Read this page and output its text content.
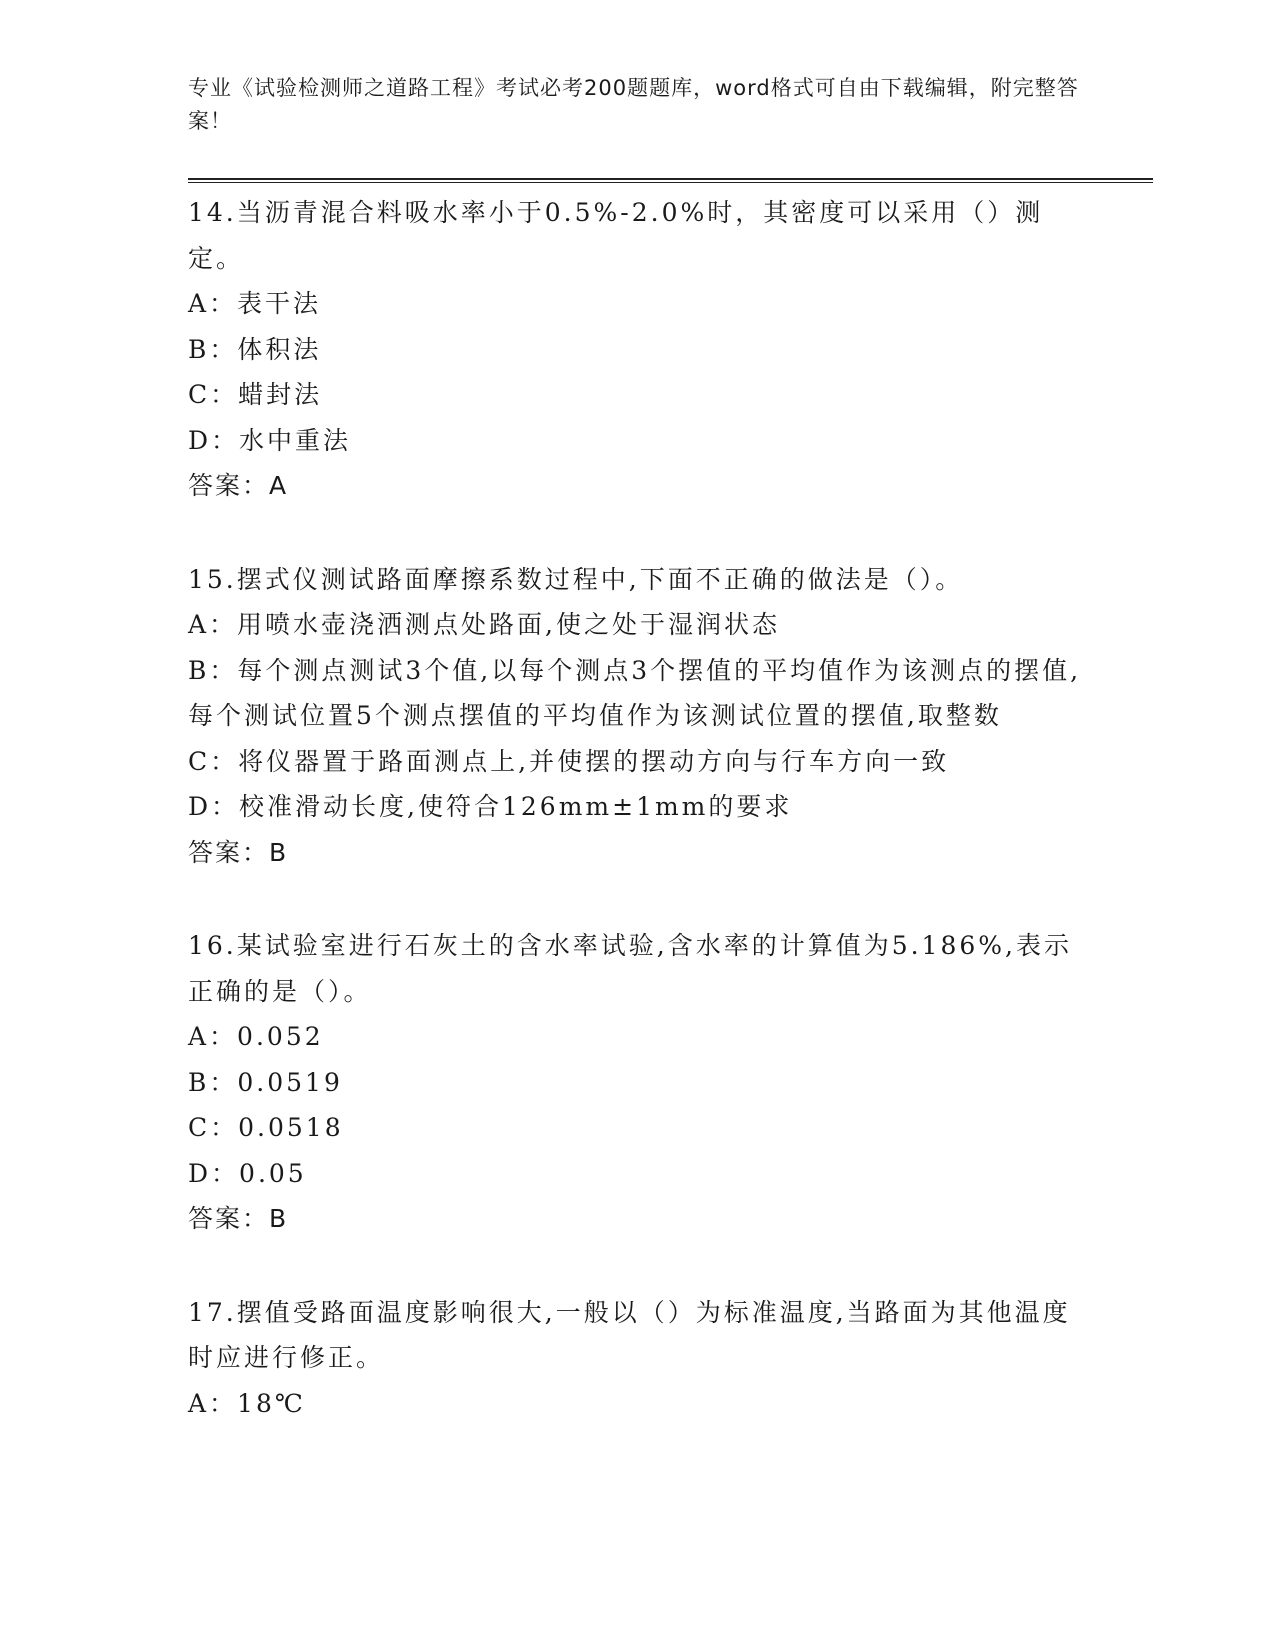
专业《试验检测师之道路工程》考试必考200题题库，word格式可自由下载编辑，附完整答案！
14.当沥青混合料吸水率小于0.5%-2.0%时，其密度可以采用（）测定。
A：表干法
B：体积法
C：蜡封法
D：水中重法
答案：A
15.摆式仪测试路面摩擦系数过程中,下面不正确的做法是（）。
A：用喷水壶浇洒测点处路面,使之处于湿润状态
B：每个测点测试3个值,以每个测点3个摆值的平均值作为该测点的摆值,每个测试位置5个测点摆值的平均值作为该测试位置的摆值,取整数
C：将仪器置于路面测点上,并使摆的摆动方向与行车方向一致
D：校准滑动长度,使符合126mm±1mm的要求
答案：B
16.某试验室进行石灰土的含水率试验,含水率的计算值为5.186%,表示正确的是（）。
A：0.052
B：0.0519
C：0.0518
D：0.05
答案：B
17.摆值受路面温度影响很大,一般以（）为标准温度,当路面为其他温度时应进行修正。
A：18℃
